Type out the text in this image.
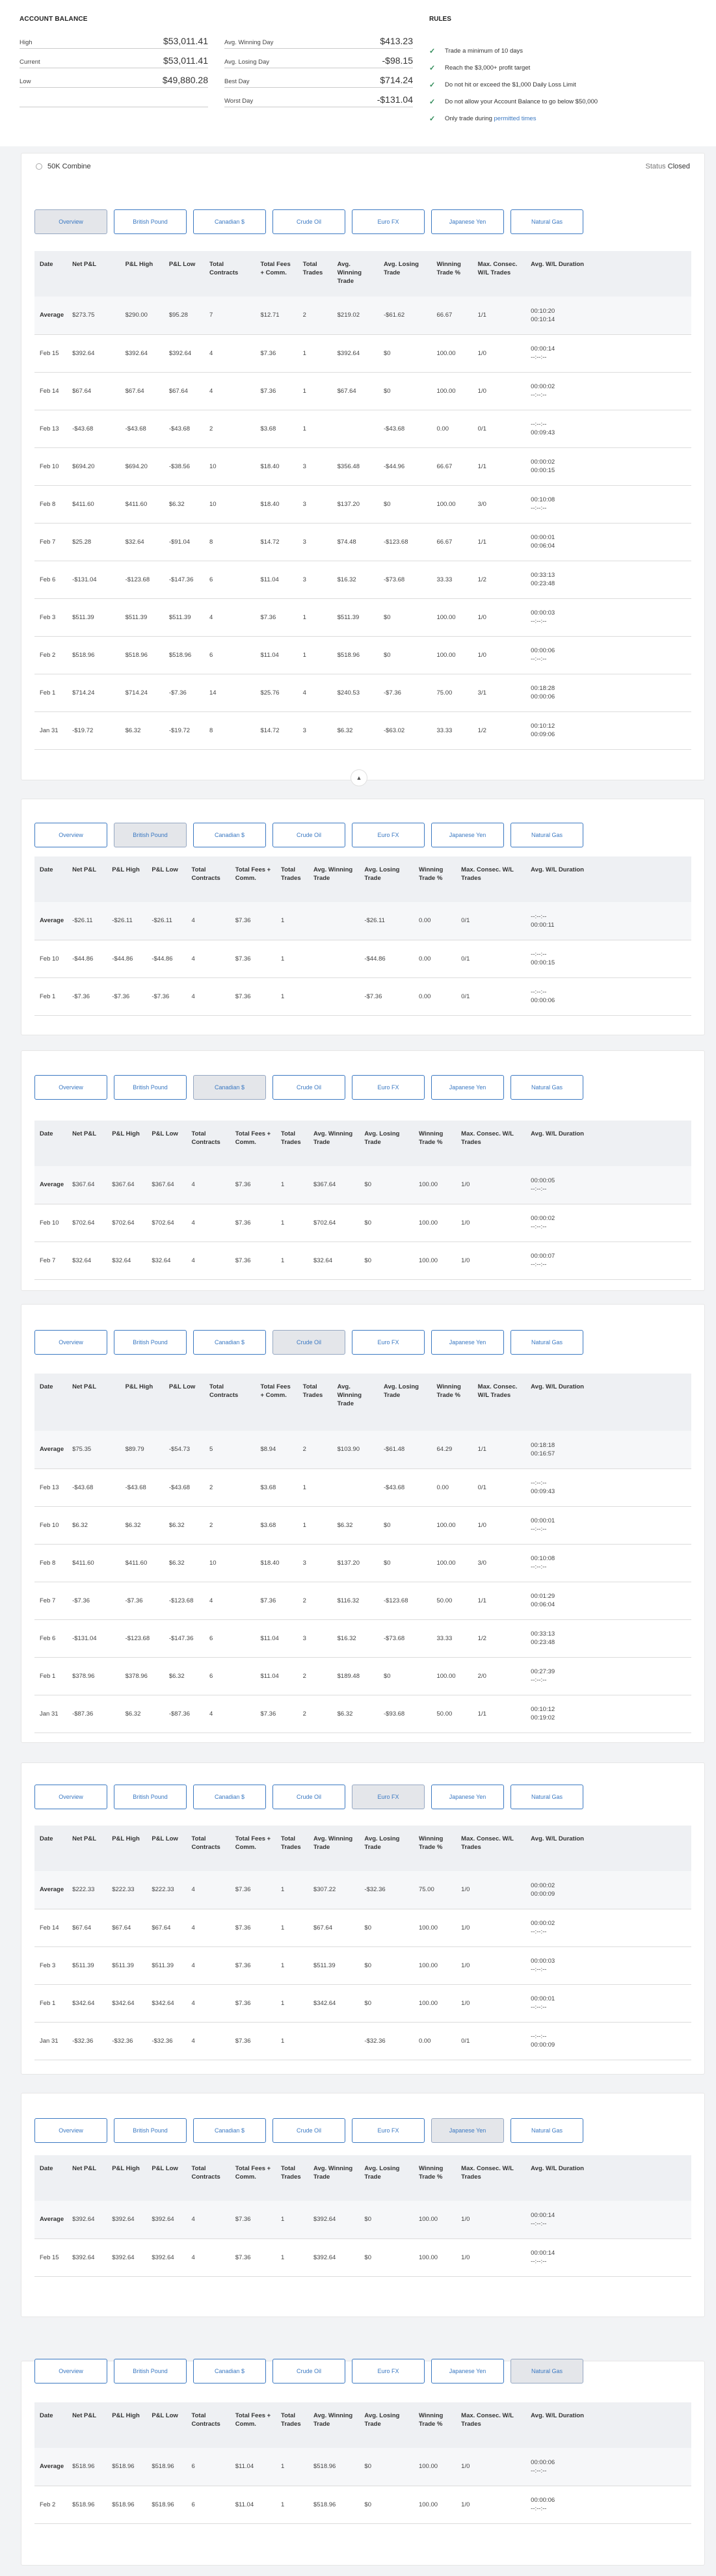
ACCOUNT BALANCE
High	$53,011.41
Current	$53,011.41
Low	$49,880.28
Avg. Winning Day	$413.23
Avg. Losing Day	-$98.15
Best Day	$714.24
Worst Day	-$131.04
RULES
✓ Trade a minimum of 10 days
✓ Reach the $3,000+ profit target
✓ Do not hit or exceed the $1,000 Daily Loss Limit
✓ Do not allow your Account Balance to go below $50,000
✓ Only trade during
permitted times
Overview	British Pound	Canadian $	Crude Oil	Euro FX	Japanese Yen	Natural Gas
Date	Net P&L	P&L High	P&L Low	Total Contracts	Total Fees + Comm.	Total Trades	Avg. Winning Trade	Avg. Losing Trade	Winning Trade %	Max. Consec. W/L Trades	Avg. W/L Duration
Average	$273.75	$290.00	$95.28	7	$12.71	2	$219.02	-$61.62	66.67	1/1	00:10:20
00:10:14
Feb 15	$392.64	$392.64	$392.64	4	$7.36	1	$392.64	$0	100.00	1/0	00:00:14
--:--:--
Feb 14	$67.64	$67.64	$67.64	4	$7.36	1	$67.64	$0	100.00	1/0	00:00:02
--:--:--
Feb 13	-$43.68	-$43.68	-$43.68	2	$3.68	1		-$43.68	0.00	0/1	--:--:--
00:09:43
Feb 10	$694.20	$694.20	-$38.56	10	$18.40	3	$356.48	-$44.96	66.67	1/1	00:00:02
00:00:15
Feb 8	$411.60	$411.60	$6.32	10	$18.40	3	$137.20	$0	100.00	3/0	00:10:08
--:--:--
Feb 7	$25.28	$32.64	-$91.04	8	$14.72	3	$74.48	-$123.68	66.67	1/1	00:00:01
00:06:04
Feb 6	-$131.04	-$123.68	-$147.36	6	$11.04	3	$16.32	-$73.68	33.33	1/2	00:33:13
00:23:48
Feb 3	$511.39	$511.39	$511.39	4	$7.36	1	$511.39	$0	100.00	1/0	00:00:03
--:--:--
Feb 2	$518.96	$518.96	$518.96	6	$11.04	1	$518.96	$0	100.00	1/0	00:00:06
--:--:--
Feb 1	$714.24	$714.24	-$7.36	14	$25.76	4	$240.53	-$7.36	75.00	3/1	00:18:28
00:00:06
Jan 31	-$19.72	$6.32	-$19.72	8	$14.72	3	$6.32	-$63.02	33.33	1/2	00:10:12
00:09:06
Overview	British Pound	Canadian $	Crude Oil	Euro FX	Japanese Yen	Natural Gas
Date	Net P&L	P&L High	P&L Low	Total Contracts	Total Fees + Comm.	Total Trades	Avg. Winning Trade	Avg. Losing Trade	Winning Trade %	Max. Consec. W/L Trades	Avg. W/L Duration
Average	-$26.11	-$26.11	-$26.11	4	$7.36	1		-$26.11	0.00	0/1	--:--:--
00:00:11
Feb 10	-$44.86	-$44.86	-$44.86	4	$7.36	1		-$44.86	0.00	0/1	--:--:--
00:00:15
Feb 1	-$7.36	-$7.36	-$7.36	4	$7.36	1		-$7.36	0.00	0/1	--:--:--
00:00:06
Overview	British Pound	Canadian $	Crude Oil	Euro FX	Japanese Yen	Natural Gas
Date	Net P&L	P&L High	P&L Low	Total Contracts	Total Fees + Comm.	Total Trades	Avg. Winning Trade	Avg. Losing Trade	Winning Trade %	Max. Consec. W/L Trades	Avg. W/L Duration
Average	$367.64	$367.64	$367.64	4	$7.36	1	$367.64	$0	100.00	1/0	00:00:05
--:--:--
Feb 10	$702.64	$702.64	$702.64	4	$7.36	1	$702.64	$0	100.00	1/0	00:00:02
--:--:--
Feb 7	$32.64	$32.64	$32.64	4	$7.36	1	$32.64	$0	100.00	1/0	00:00:07
--:--:--
Overview	British Pound	Canadian $	Crude Oil	Euro FX	Japanese Yen	Natural Gas
Date	Net P&L	P&L High	P&L Low	Total Contracts	Total Fees + Comm.	Total Trades	Avg. Winning Trade	Avg. Losing Trade	Winning Trade %	Max. Consec. W/L Trades	Avg. W/L Duration
Average	$75.35	$89.79	-$54.73	5	$8.94	2	$103.90	-$61.48	64.29	1/1	00:18:18
00:16:57
Feb 13	-$43.68	-$43.68	-$43.68	2	$3.68	1		-$43.68	0.00	0/1	--:--:--
00:09:43
Feb 10	$6.32	$6.32	$6.32	2	$3.68	1	$6.32	$0	100.00	1/0	00:00:01
--:--:--
Feb 8	$411.60	$411.60	$6.32	10	$18.40	3	$137.20	$0	100.00	3/0	00:10:08
--:--:--
Feb 7	-$7.36	-$7.36	-$123.68	4	$7.36	2	$116.32	-$123.68	50.00	1/1	00:01:29
00:06:04
Feb 6	-$131.04	-$123.68	-$147.36	6	$11.04	3	$16.32	-$73.68	33.33	1/2	00:33:13
00:23:48
Feb 1	$378.96	$378.96	$6.32	6	$11.04	2	$189.48	$0	100.00	2/0	00:27:39
--:--:--
Jan 31	-$87.36	$6.32	-$87.36	4	$7.36	2	$6.32	-$93.68	50.00	1/1	00:10:12
00:19:02
Overview	British Pound	Canadian $	Crude Oil	Euro FX	Japanese Yen	Natural Gas
Date	Net P&L	P&L High	P&L Low	Total Contracts	Total Fees + Comm.	Total Trades	Avg. Winning Trade	Avg. Losing Trade	Winning Trade %	Max. Consec. W/L Trades	Avg. W/L Duration
Average	$222.33	$222.33	$222.33	4	$7.36	1	$307.22	-$32.36	75.00	1/0	00:00:02
00:00:09
Feb 14	$67.64	$67.64	$67.64	4	$7.36	1	$67.64	$0	100.00	1/0	00:00:02
--:--:--
Feb 3	$511.39	$511.39	$511.39	4	$7.36	1	$511.39	$0	100.00	1/0	00:00:03
--:--:--
Feb 1	$342.64	$342.64	$342.64	4	$7.36	1	$342.64	$0	100.00	1/0	00:00:01
--:--:--
Jan 31	-$32.36	-$32.36	-$32.36	4	$7.36	1		-$32.36	0.00	0/1	--:--:--
00:00:09
Overview	British Pound	Canadian $	Crude Oil	Euro FX	Japanese Yen	Natural Gas
Date	Net P&L	P&L High	P&L Low	Total Contracts	Total Fees + Comm.	Total Trades	Avg. Winning Trade	Avg. Losing Trade	Winning Trade %	Max. Consec. W/L Trades	Avg. W/L Duration
Average	$392.64	$392.64	$392.64	4	$7.36	1	$392.64	$0	100.00	1/0	00:00:14
--:--:--
Feb 15	$392.64	$392.64	$392.64	4	$7.36	1	$392.64	$0	100.00	1/0	00:00:14
--:--:--
Overview	British Pound	Canadian $	Crude Oil	Euro FX	Japanese Yen	Natural Gas
Date	Net P&L	P&L High	P&L Low	Total Contracts	Total Fees + Comm.	Total Trades	Avg. Winning Trade	Avg. Losing Trade	Winning Trade %	Max. Consec. W/L Trades	Avg. W/L Duration
Average	$518.96	$518.96	$518.96	6	$11.04	1	$518.96	$0	100.00	1/0	00:00:06
--:--:--
Feb 2	$518.96	$518.96	$518.96	6	$11.04	1	$518.96	$0	100.00	1/0	00:00:06
--:--:--
50K Combine	Status Closed
▲
